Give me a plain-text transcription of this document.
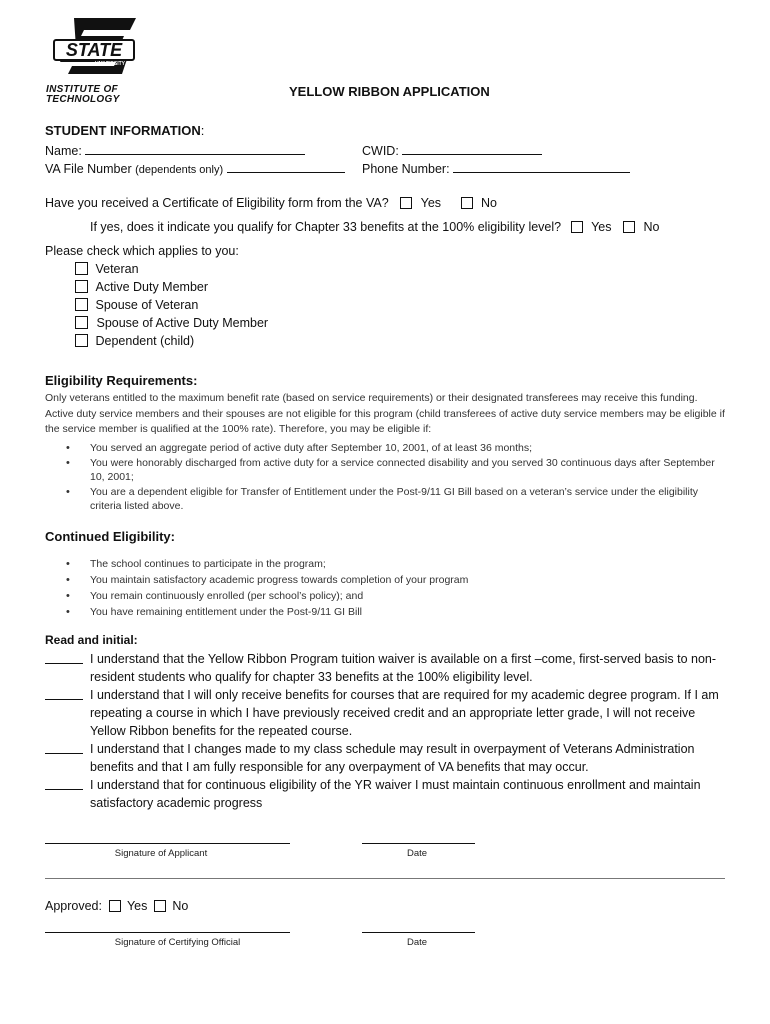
STATE
OKLAHOMA
UNIVERSITY
INSTITUTE OF
TECHNOLOGY
YELLOW RIBBON APPLICATION
STUDENT INFORMATION:
Name:	CWID:
VA File Number (dependents only)	Phone Number:
Have you received a Certificate of Eligibility form from the VA?	Yes	No
If yes, does it indicate you qualify for Chapter 33 benefits at the 100% eligibility level? Yes	No
Please check which applies to you:
Veteran
Active Duty Member
Spouse of Veteran
Spouse of Active Duty Member
Dependent (child)
Eligibility Requirements:
Only veterans entitled to the maximum benefit rate (based on service requirements) or their designated transferees may receive this funding.
Active duty service members and their spouses are not eligible for this program (child transferees of active duty service members may be eligible if
the service member is qualified at the 100% rate). Therefore, you may be eligible if:
• You served an aggregate period of active duty after September 10, 2001, of at least 36 months;
• You were honorably discharged from active duty for a service connected disability and you served 30 continuous days after September 10, 2001;
• You are a dependent eligible for Transfer of Entitlement under the Post-9/11 GI Bill based on a veteran’s service under the eligibility criteria listed above.
Continued Eligibility:
• The school continues to participate in the program;
• You maintain satisfactory academic progress towards completion of your program
• You remain continuously enrolled (per school’s policy); and
• You have remaining entitlement under the Post-9/11 GI Bill
Read and initial:
I understand that the Yellow Ribbon Program tuition waiver is available on a first –come, first-served basis to non-resident students who qualify for chapter 33 benefits at the 100% eligibility level.
I understand that I will only receive benefits for courses that are required for my academic degree program. If I am repeating a course in which I have previously received credit and an appropriate letter grade, I will not receive Yellow Ribbon benefits for the repeated course.
I understand that I changes made to my class schedule may result in overpayment of Veterans Administration benefits and that I am fully responsible for any overpayment of VA benefits that may occur.
I understand that for continuous eligibility of the YR waiver I must maintain continuous enrollment and maintain satisfactory academic progress
Signature of Applicant	Date
Approved: Yes No
Signature of Certifying Official	Date
